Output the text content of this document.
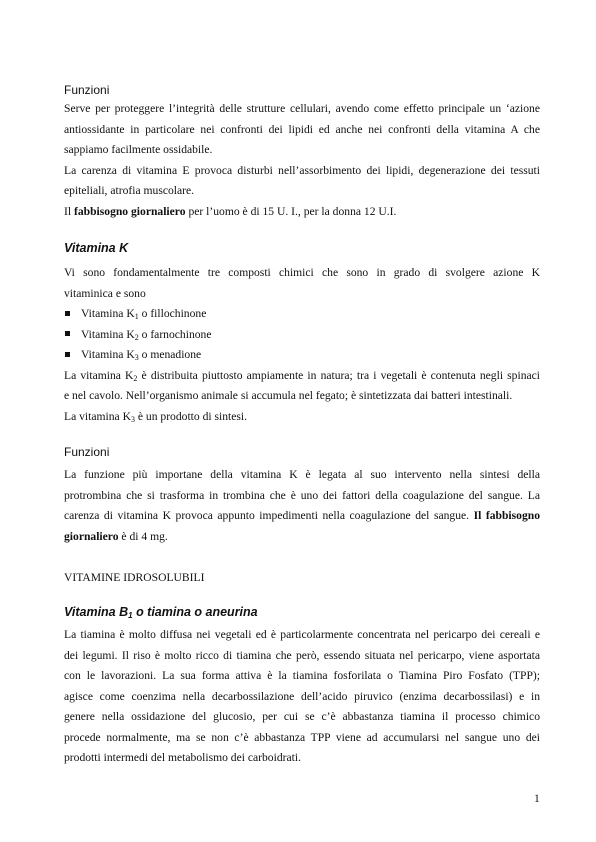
Funzioni
Serve per proteggere l’integrità delle strutture cellulari, avendo come effetto principale un ‘azione
antiossidante in particolare nei confronti dei lipidi ed anche nei confronti della vitamina A che
sappiamo facilmente ossidabile.
La carenza di vitamina E provoca disturbi nell’assorbimento dei lipidi, degenerazione dei tessuti
epiteliali, atrofia muscolare.
Il fabbisogno giornaliero per l’uomo è di 15 U. I., per la donna 12 U.I.
Vitamina K
Vi sono fondamentalmente tre composti chimici che sono in grado di svolgere azione K
vitaminica e sono
Vitamina $K_1$ o fillochinone
Vitamina $K_2$ o farnochinone
Vitamina $K_3$ o menadione
La vitamina $K_2$ è distribuita piuttosto ampiamente in natura; tra i vegetali è contenuta negli spinaci
e nel cavolo. Nell’organismo animale si accumula nel fegato; è sintetizzata dai batteri intestinali.
La vitamina $K_3$ è un prodotto di sintesi.
Funzioni
La funzione più importane della vitamina K è legata al suo intervento nella sintesi della
protrombina che si trasforma in trombina che è uno dei fattori della coagulazione del sangue. La
carenza di vitamina K provoca appunto impedimenti nella coagulazione del sangue. Il fabbisogno
giornaliero è di 4 mg.
VITAMINE IDROSOLUBILI
Vitamina $B_1$ o tiamina o aneurina
La tiamina è molto diffusa nei vegetali ed è particolarmente concentrata nel pericarpo dei cereali e
dei legumi. Il riso è molto ricco di tiamina che però, essendo situata nel pericarpo, viene asportata
con le lavorazioni. La sua forma attiva è la tiamina fosforilata o Tiamina Piro Fosfato (TPP);
agisce come coenzima nella decarbossilazione dell’acido piruvico (enzima decarbossilasi) e in
genere nella ossidazione del glucosio, per cui se c’è abbastanza tiamina il processo chimico
procede normalmente, ma se non c’è abbastanza TPP viene ad accumularsi nel sangue uno dei
prodotti intermedi del metabolismo dei carboidrati.
1
